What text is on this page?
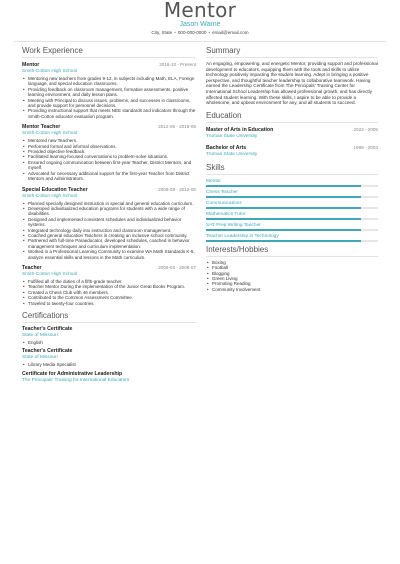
Mentor
Jason Warne
City, State • 000-000-0000 • email@email.com
Work Experience
Mentor	2016-10 - Present
Smith-Cotton High School
• Mentoring new teachers from grades 9-12, in subjects including Math, ELA, Foreign language, and special education classrooms.
• Providing feedback on classroom management, formative assessments, positive learning environment, and daily lesson plans.
• Meeting with Principal to discuss issues, problems, and successes in classrooms, and provide support for personnel decisions.
• Providing instructional support that meets NEE standards and indicators through the Smith-Cotton educator evaluation program.
Mentor Teacher	2012-06 - 2016-09
Smith-Cotton High School
• Mentored new Teachers.
• Performed formal and informal observations.
• Provided objective feedback.
• Facilitated learning-focused conversations to problem-solve situations.
• Ensured ongoing communication between first-year Teacher, District Mentors, and myself.
• Advocated for necessary additional support for the first-year Teacher from District Mentors and Administrators.
Special Education Teacher	2008-08 - 2012-05
Smith-Cotton High School
• Planned specially designed instruction in special and general education curriculum.
• Developed individualized education programs for students with a wide range of disabilities.
• Designed and implemented consistent schedules and individualized behavior systems.
• Integrated technology daily into instruction and classroom management.
• Coached general education Teachers in creating an inclusive school community.
• Partnered with full-time Paraeducator, developed schedules, coached in behavior management techniques and curriculum implementation.
• Worked in a Professional Learning Community to examine WA Math Standards K-5, analyze essential skills and lessons in the Math curriculum.
Teacher	2006-03 - 2008-07
Smith-Cotton High School
• Fulfilled all of the duties of a fifth-grade teacher.
• Teacher Mentor During the implementation of the Junior Great Books Program.
• Created a Chess Club with 46 members.
• Contributed to the Common Assessment Committee.
• Traveled to twenty-four countries.
Certifications
Teacher's Certificate
State of Missouri
• English
Teacher's Certificate
State of Missouri
• Library Media Specialist
Certificate for Administrative Leadership
The Principals' Training for International Educators
Summary
An engaging, empowering, and energetic Mentor, providing support and professional development to educators, equipping them with the tools and skills to utilize technology positively impacting the student learning. Adept in bringing a positive perspective, and thoughtful teacher leadership to collaborative teamwork. Having earned the Leadership Certificate from The Principals' Training Center for International School Leadership has allowed professional growth, and has directly affected student learning. With these skills, I aspire to be able to provide a wholesome, and upbeat environment for any, and all students to succeed.
Education
Master of Arts in Education	2023 - 2005
Truman State University
Bachelor of Arts	1999 - 2003
Truman State University
Skills
Mentor
Chess Teacher
Communications
Mathematics Tutor
SAT Prep Writing Teacher
Teacher Leadership in Technology
Interests/Hobbies
• Boxing
• Football
• Blogging
• Green Living
• Promoting Reading
• Community Involvement
